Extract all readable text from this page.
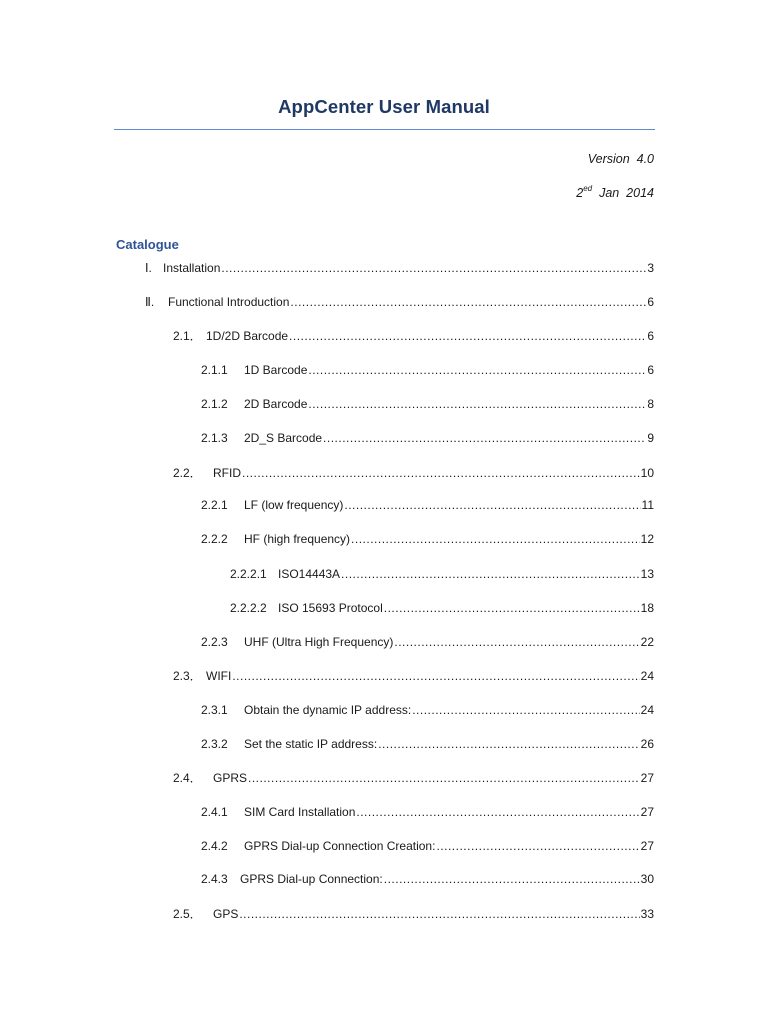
AppCenter User Manual
Version  4.0
$2^{ed}$  Jan  2014
Catalogue
Ⅰ. Installation .....	3
Ⅱ.	Functional Introduction .....	6
2.1． 1D/2D Barcode .....	6
2.1.1	1D Barcode .....	6
2.1.2	2D Barcode .....	8
2.1.3	2D_S Barcode .....	9
2.2． RFID .....	10
2.2.1	LF (low frequency) .....	11
2.2.2	HF (high frequency) .....	12
2.2.2.1 ISO14443A .....	13
2.2.2.2 ISO 15693 Protocol .....	18
2.2.3	UHF (Ultra High Frequency) .....	22
2.3． WIFI .....	24
2.3.1	Obtain the dynamic IP address: .....	24
2.3.2	Set the static IP address: .....	26
2.4． GPRS .....	27
2.4.1	SIM Card Installation .....	27
2.4.2	GPRS Dial-up Connection Creation: .....	27
2.4.3	GPRS Dial-up Connection: .....	30
2.5． GPS .....	33
